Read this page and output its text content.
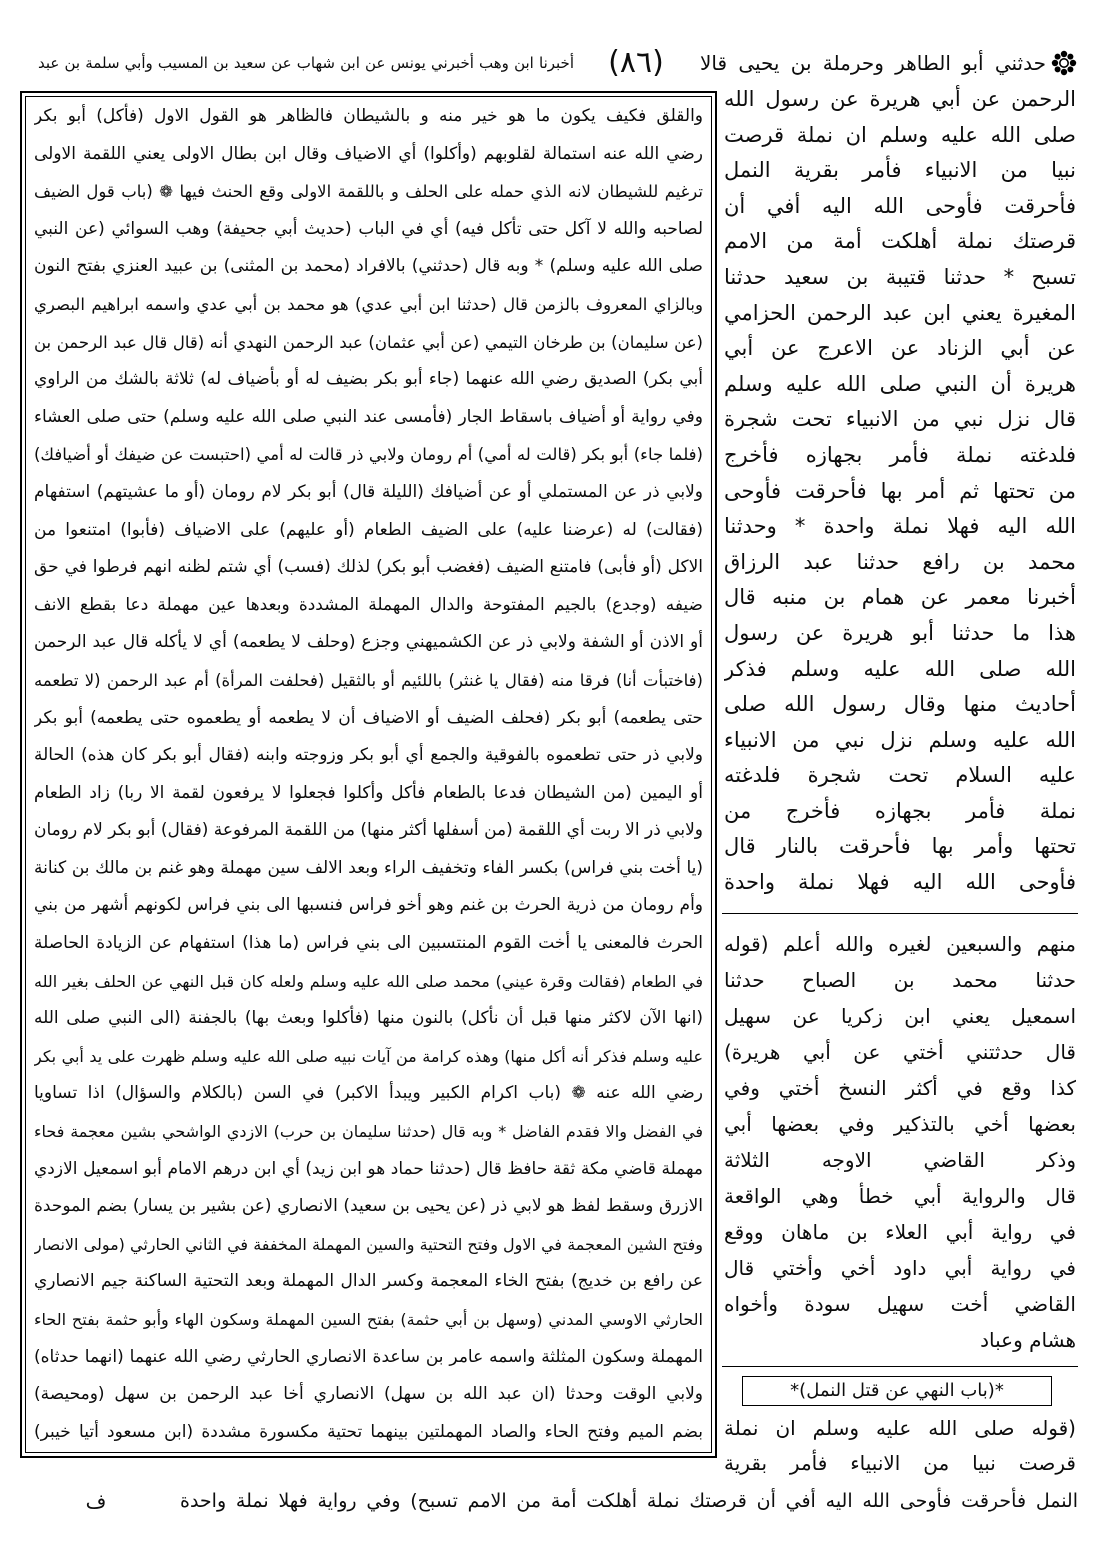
حدثني أبو الطاهر وحرملة بن يحيى قالا
(٨٦)
أخبرنا ابن وهب أخبرني يونس عن ابن شهاب عن سعيد بن المسيب وأبي سلمة بن عبد
والقلق فكيف يكون ما هو خير منه و بالشيطان فالظاهر هو القول الاول (فأكل) أبو بكر
رضي الله عنه استمالة لقلوبهم (وأكلوا) أي الاضياف وقال ابن بطال الاولى يعني اللقمة الاولى
ترغيم للشيطان لانه الذي حمله على الحلف و باللقمة الاولى وقع الحنث فيها ❁ (باب قول الضيف
لصاحبه والله لا آكل حتى تأكل فيه) أي في الباب (حديث أبي جحيفة) وهب السوائي (عن النبي
صلى الله عليه وسلم) * وبه قال (حدثني) بالافراد (محمد بن المثنى) بن عبيد العنزي بفتح النون
وبالزاي المعروف بالزمن قال (حدثنا ابن أبي عدي) هو محمد بن أبي عدي واسمه ابراهيم البصري
(عن سليمان) بن طرخان التيمي (عن أبي عثمان) عبد الرحمن النهدي أنه (قال قال عبد الرحمن بن
أبي بكر) الصديق رضي الله عنهما (جاء أبو بكر بضيف له أو بأضياف له) ثلاثة بالشك من الراوي
وفي رواية أو أضياف باسقاط الجار (فأمسى عند النبي صلى الله عليه وسلم) حتى صلى العشاء
(فلما جاء) أبو بكر (قالت له أمي) أم رومان ولابي ذر قالت له أمي (احتبست عن ضيفك أو أضيافك)
ولابي ذر عن المستملي أو عن أضيافك (الليلة قال) أبو بكر لام رومان (أو ما عشيتهم) استفهام
(فقالت) له (عرضنا عليه) على الضيف الطعام (أو عليهم) على الاضياف (فأبوا) امتنعوا من
الاكل (أو فأبى) فامتنع الضيف (فغضب أبو بكر) لذلك (فسب) أي شتم لظنه انهم فرطوا في حق
ضيفه (وجدع) بالجيم المفتوحة والدال المهملة المشددة وبعدها عين مهملة دعا بقطع الانف
أو الاذن أو الشفة ولابي ذر عن الكشميهني وجزع (وحلف لا يطعمه) أي لا يأكله قال عبد الرحمن
(فاختبأت أنا) فرقا منه (فقال يا غنثر) باللئيم أو بالثقيل (فحلفت المرأة) أم عبد الرحمن (لا تطعمه
حتى يطعمه) أبو بكر (فحلف الضيف أو الاضياف أن لا يطعمه أو يطعموه حتى يطعمه) أبو بكر
ولابي ذر حتى تطعموه بالفوقية والجمع أي أبو بكر وزوجته وابنه (فقال أبو بكر كان هذه) الحالة
أو اليمين (من الشيطان فدعا بالطعام فأكل وأكلوا فجعلوا لا يرفعون لقمة الا ربا) زاد الطعام
ولابي ذر الا ربت أي اللقمة (من أسفلها أكثر منها) من اللقمة المرفوعة (فقال) أبو بكر لام رومان
(يا أخت بني فراس) بكسر الفاء وتخفيف الراء وبعد الالف سين مهملة وهو غنم بن مالك بن كنانة
وأم رومان من ذرية الحرث بن غنم وهو أخو فراس فنسبها الى بني فراس لكونهم أشهر من بني
الحرث فالمعنى يا أخت القوم المنتسبين الى بني فراس (ما هذا) استفهام عن الزيادة الحاصلة
في الطعام (فقالت وقرة عيني) محمد صلى الله عليه وسلم ولعله كان قبل النهي عن الحلف بغير الله
(انها الآن لاكثر منها قبل أن نأكل) بالنون منها (فأكلوا وبعث بها) بالجفنة (الى النبي صلى الله
عليه وسلم فذكر أنه أكل منها) وهذه كرامة من آيات نبيه صلى الله عليه وسلم ظهرت على يد أبي بكر
رضي الله عنه ❁ (باب اكرام الكبير ويبدأ الاكبر) في السن (بالكلام والسؤال) اذا تساويا
في الفضل والا فقدم الفاضل * وبه قال (حدثنا سليمان بن حرب) الازدي الواشحي بشين معجمة فحاء
مهملة قاضي مكة ثقة حافظ قال (حدثنا حماد هو ابن زيد) أي ابن درهم الامام أبو اسمعيل الازدي
الازرق وسقط لفظ هو لابي ذر (عن يحيى بن سعيد) الانصاري (عن بشير بن يسار) بضم الموحدة
وفتح الشين المعجمة في الاول وفتح التحتية والسين المهملة المخففة في الثاني الحارثي (مولى الانصار
عن رافع بن خديج) بفتح الخاء المعجمة وكسر الدال المهملة وبعد التحتية الساكنة جيم الانصاري
الحارثي الاوسي المدني (وسهل بن أبي حثمة) بفتح السين المهملة وسكون الهاء وأبو حثمة بفتح الحاء
المهملة وسكون المثلثة واسمه عامر بن ساعدة الانصاري الحارثي رضي الله عنهما (انهما حدثاه)
ولابي الوقت وحدثا (ان عبد الله بن سهل) الانصاري أخا عبد الرحمن بن سهل (ومحيصة)
بضم الميم وفتح الحاء والصاد المهملتين بينهما تحتية مكسورة مشددة (ابن مسعود أتيا خيبر)
الرحمن عن أبي هريرة عن رسول الله
صلى الله عليه وسلم ان نملة قرصت
نبيا من الانبياء فأمر بقرية النمل
فأحرقت فأوحى الله اليه أفي أن
قرصتك نملة أهلكت أمة من الامم
تسبح * حدثنا قتيبة بن سعيد حدثنا
المغيرة يعني ابن عبد الرحمن الحزامي
عن أبي الزناد عن الاعرج عن أبي
هريرة أن النبي صلى الله عليه وسلم
قال نزل نبي من الانبياء تحت شجرة
فلدغته نملة فأمر بجهازه فأخرج
من تحتها ثم أمر بها فأحرقت فأوحى
الله اليه فهلا نملة واحدة * وحدثنا
محمد بن رافع حدثنا عبد الرزاق
أخبرنا معمر عن همام بن منبه قال
هذا ما حدثنا أبو هريرة عن رسول
الله صلى الله عليه وسلم فذكر
أحاديث منها وقال رسول الله صلى
الله عليه وسلم نزل نبي من الانبياء
عليه السلام تحت شجرة فلدغته
نملة فأمر بجهازه فأخرج من
تحتها وأمر بها فأحرقت بالنار قال
فأوحى الله اليه فهلا نملة واحدة
منهم والسبعين لغيره والله أعلم (قوله
حدثنا محمد بن الصباح حدثنا
اسمعيل يعني ابن زكريا عن سهيل
قال حدثتني أختي عن أبي هريرة)
كذا وقع في أكثر النسخ أختي وفي
بعضها أخي بالتذكير وفي بعضها أبي
وذكر القاضي الاوجه الثلاثة
قال والرواية أبي خطأ وهي الواقعة
في رواية أبي العلاء بن ماهان ووقع
في رواية أبي داود أخي وأختي قال
القاضي أخت سهيل سودة وأخواه
هشام وعباد
*(باب النهي عن قتل النمل)*
(قوله صلى الله عليه وسلم ان نملة
قرصت نبيا من الانبياء فأمر بقرية
النمل فأحرقت فأوحى الله اليه أفي أن قرصتك نملة أهلكت أمة من الامم تسبح) وفي رواية فهلا نملة واحدة
ف
